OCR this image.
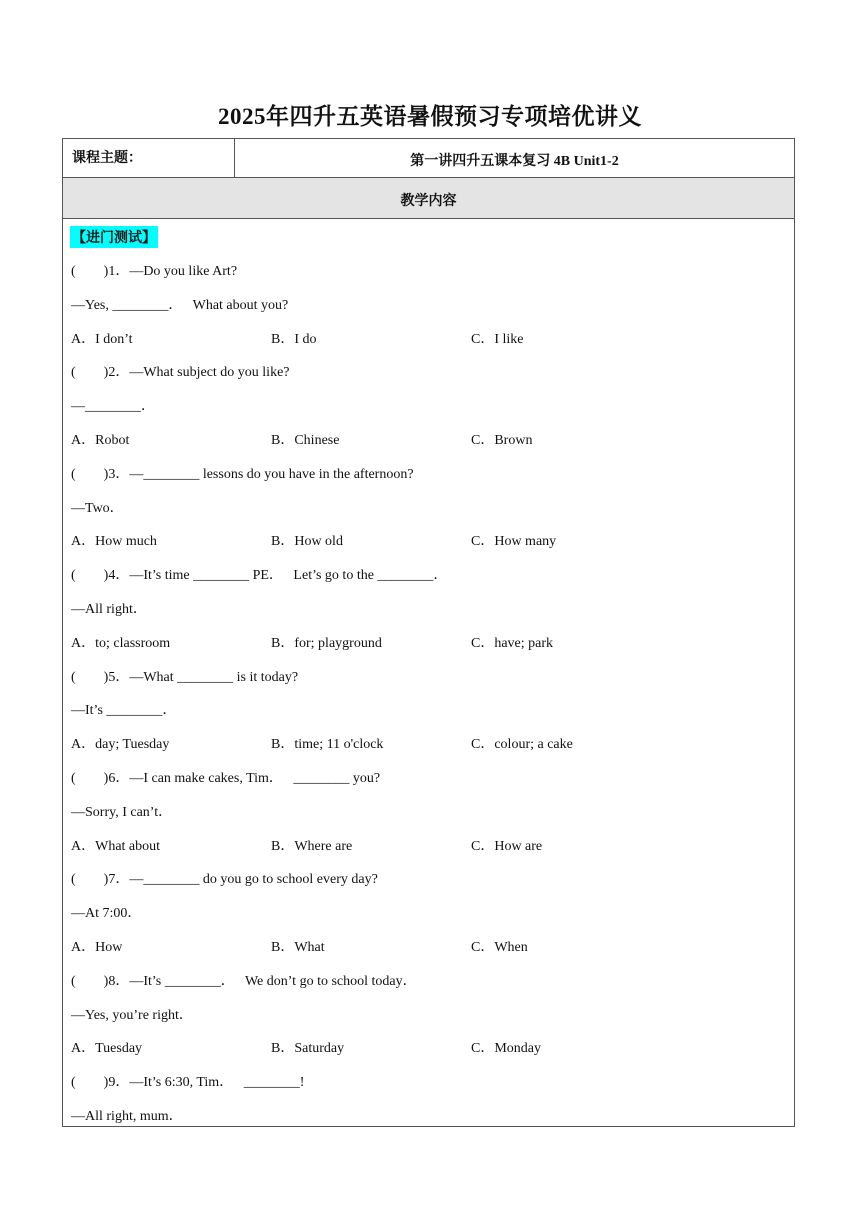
2025年四升五英语暑假预习专项培优讲义
课程主题：	第一讲四升五课本复习 4B Unit1-2
教学内容
【进门测试】
(        )1．—Do you like Art?
—Yes, ________．   What about you?
A．I don’t	B．I do	C．I like
(        )2．—What subject do you like?
—________．
A．Robot	B．Chinese	C．Brown
(        )3．—________ lessons do you have in the afternoon?
—Two．
A．How much	B．How old	C．How many
(        )4．—It’s time ________ PE．   Let’s go to the ________．
—All right．
A．to; classroom	B．for; playground	C．have; park
(        )5．—What ________ is it today?
—It’s ________．
A．day; Tuesday	B．time; 11 o'clock	C．colour; a cake
(        )6．—I can make cakes, Tim．   ________ you?
—Sorry, I can’t．
A．What about	B．Where are	C．How are
(        )7．—________ do you go to school every day?
—At 7:00．
A．How	B．What	C．When
(        )8．—It’s ________．   We don’t go to school today．
—Yes, you’re right．
A．Tuesday	B．Saturday	C．Monday
(        )9．—It’s 6:30, Tim．   ________!
—All right, mum．
